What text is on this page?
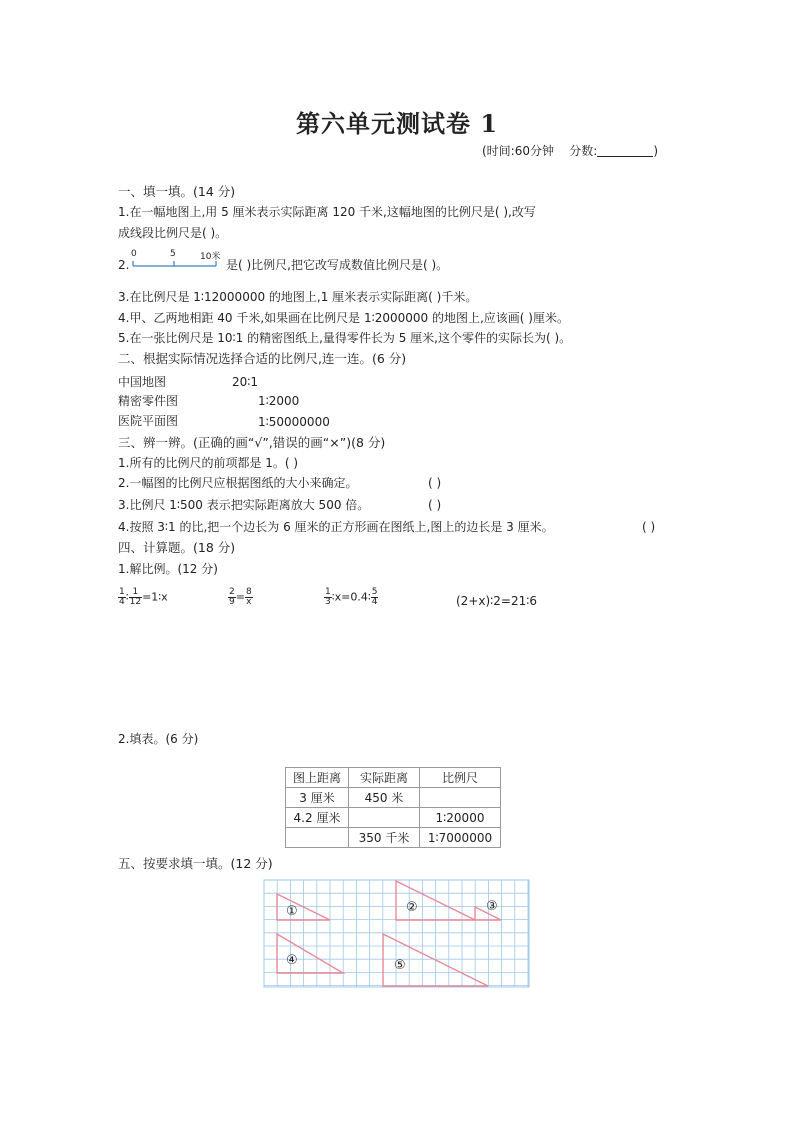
第六单元测试卷 1
(时间:60分钟 分数:	)
一、填一填。(14 分)
1.在一幅地图上,用 5 厘米表示实际距离 120 千米,这幅地图的比例尺是( ),改写
成线段比例尺是( )。
2.
0	5	10米
是( )比例尺,把它改写成数值比例尺是( )。
3.在比例尺是 1∶12000000 的地图上,1 厘米表示实际距离( )千米。
4.甲、乙两地相距 40 千米,如果画在比例尺是 1∶2000000 的地图上,应该画( )厘米。
5.在一张比例尺是 10∶1 的精密图纸上,量得零件长为 5 厘米,这个零件的实际长为( )。
二、根据实际情况选择合适的比例尺,连一连。(6 分)
中国地图
精密零件图
医院平面图
20∶1
1∶2000
1∶50000000
三、辨一辨。(正确的画“√”,错误的画“×”)(8 分)
1.所有的比例尺的前项都是 1。( )
2.一幅图的比例尺应根据图纸的大小来确定。	( )
3.比例尺 1∶500 表示把实际距离放大 500 倍。	( )
4.按照 3∶1 的比,把一个边长为 6 厘米的正方形画在图纸上,图上的边长是 3 厘米。	( )
四、计算题。(18 分)
1.解比例。(12 分)
$\frac{1}{4}$ ∶ $\frac{1}{12}$ =1∶x	$\frac{2}{9} = \frac{8}{x}$	$\frac{1}{3}$ ∶x=0.4∶ $\frac{5}{4}$	(2+x)∶2=21∶6
2.填表。(6 分)
图上距离	实际距离	比例尺
3 厘米	450 米	
4.2 厘米		1∶20000
	350 千米	1∶7000000
五、按要求填一填。(12 分)
①	②	③
④	⑤
